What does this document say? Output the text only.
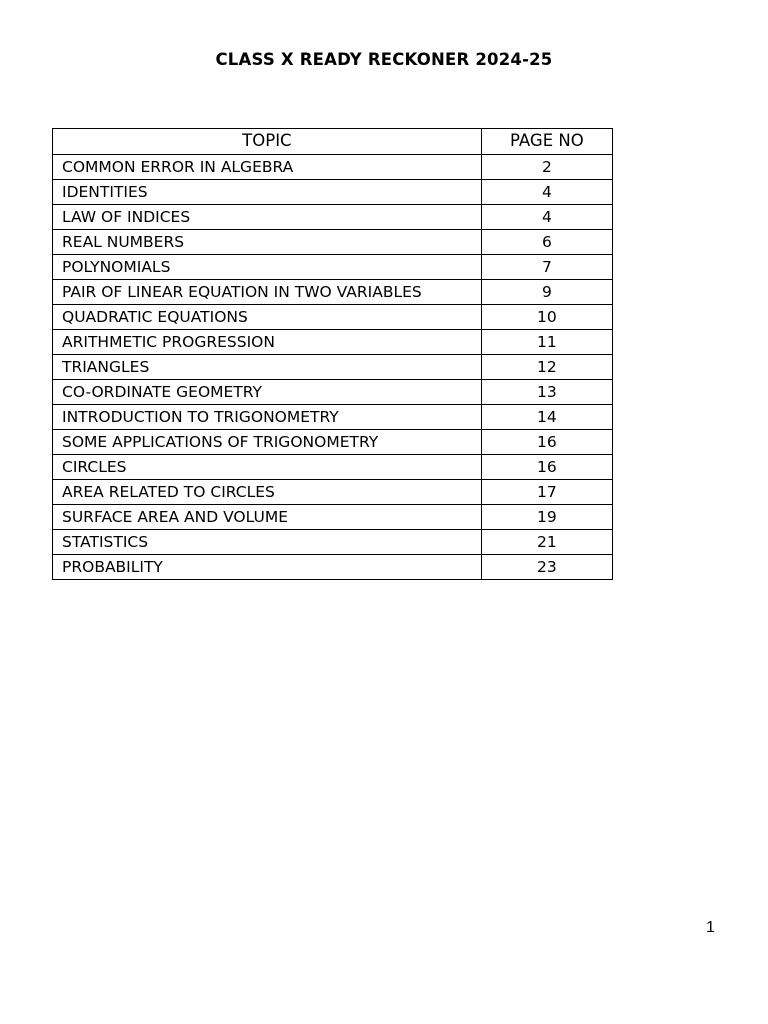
CLASS X READY RECKONER 2024-25
TOPIC	PAGE NO
COMMON ERROR IN ALGEBRA	2
IDENTITIES	4
LAW OF INDICES	4
REAL NUMBERS	6
POLYNOMIALS	7
PAIR OF LINEAR EQUATION IN TWO VARIABLES	9
QUADRATIC EQUATIONS	10
ARITHMETIC PROGRESSION	11
TRIANGLES	12
CO-ORDINATE GEOMETRY	13
INTRODUCTION TO TRIGONOMETRY	14
SOME APPLICATIONS OF TRIGONOMETRY	16
CIRCLES	16
AREA RELATED TO CIRCLES	17
SURFACE AREA AND VOLUME	19
STATISTICS	21
PROBABILITY	23
1
